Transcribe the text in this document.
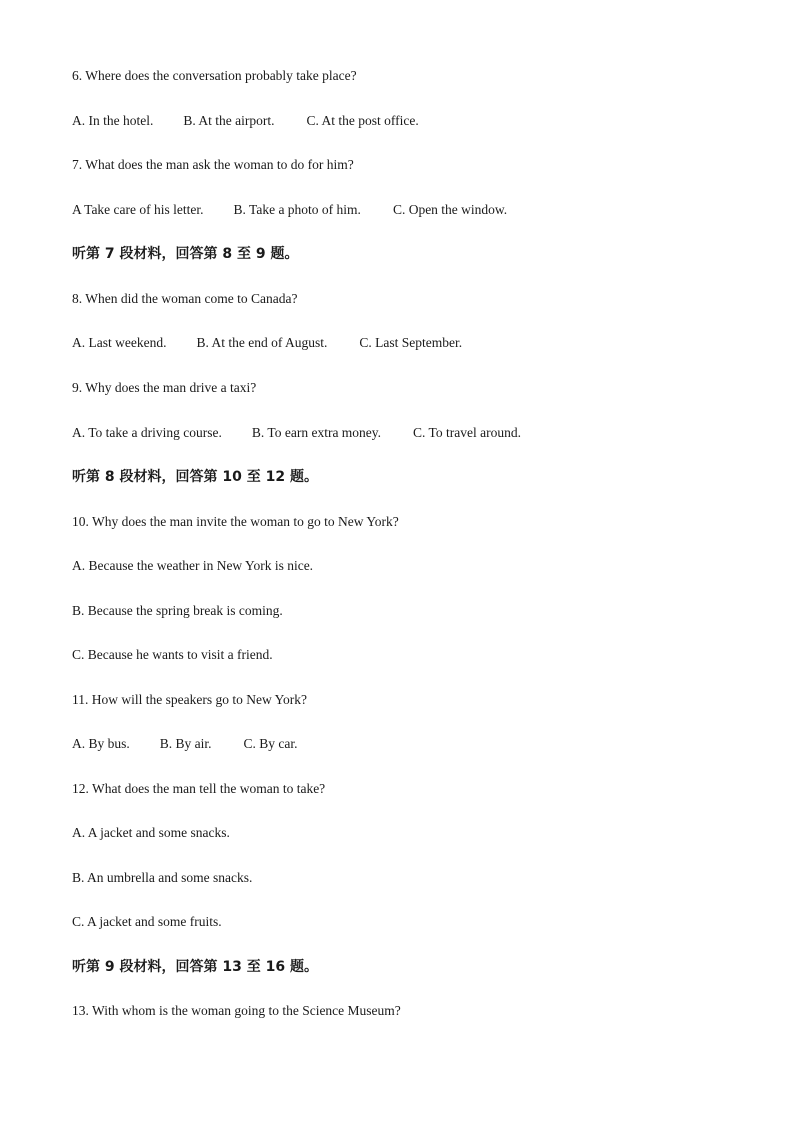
6. Where does the conversation probably take place?
A. In the hotel. B. At the airport. C. At the post office.
7. What does the man ask the woman to do for him?
A Take care of his letter. B. Take a photo of him. C. Open the window.
听第 7 段材料，回答第 8 至 9 题。
8. When did the woman come to Canada?
A. Last weekend. B. At the end of August. C. Last September.
9. Why does the man drive a taxi?
A. To take a driving course. B. To earn extra money. C. To travel around.
听第 8 段材料，回答第 10 至 12 题。
10. Why does the man invite the woman to go to New York?
A. Because the weather in New York is nice.
B. Because the spring break is coming.
C. Because he wants to visit a friend.
11. How will the speakers go to New York?
A. By bus. B. By air. C. By car.
12. What does the man tell the woman to take?
A. A jacket and some snacks.
B. An umbrella and some snacks.
C. A jacket and some fruits.
听第 9 段材料，回答第 13 至 16 题。
13. With whom is the woman going to the Science Museum?
